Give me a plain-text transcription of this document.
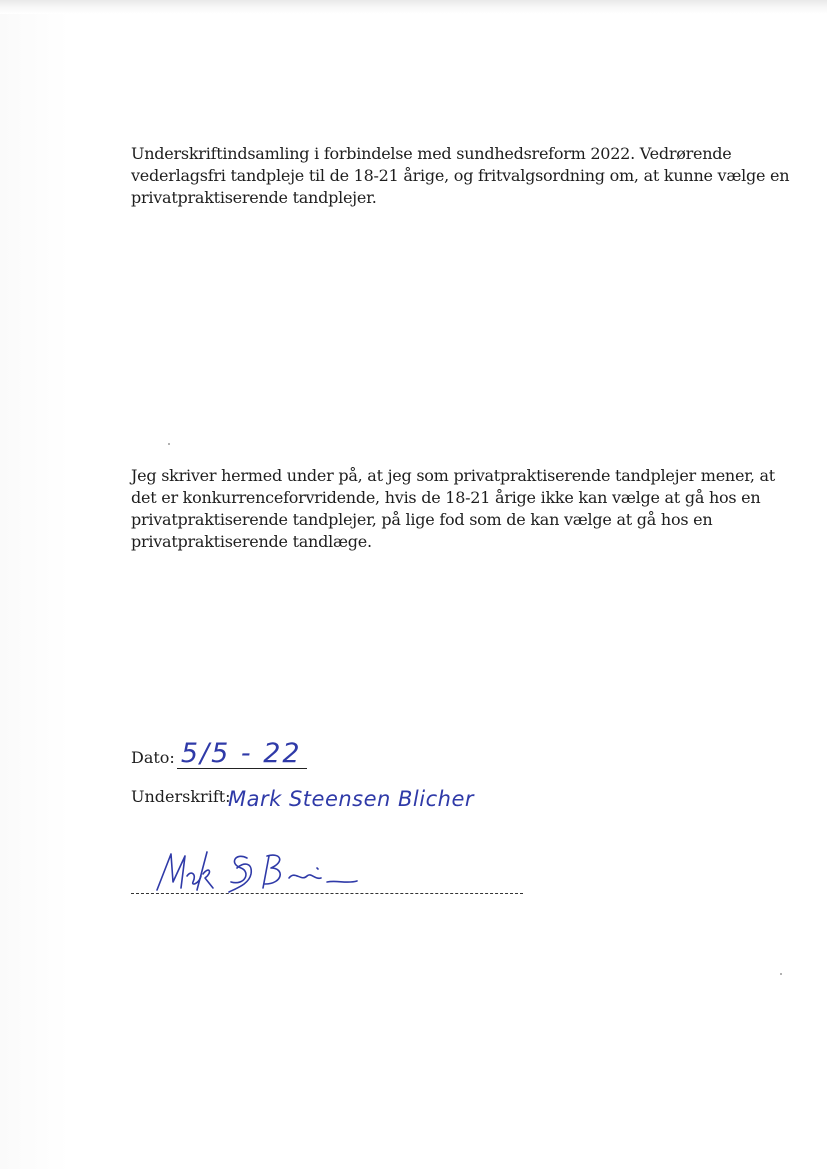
Underskriftindsamling i forbindelse med sundhedsreform 2022. Vedrørende vederlagsfri tandpleje til de 18-21 årige, og fritvalgsordning om, at kunne vælge en privatpraktiserende tandplejer.

Jeg skriver hermed under på, at jeg som privatpraktiserende tandplejer mener, at det er konkurrenceforvridende, hvis de 18-21 årige ikke kan vælge at gå hos en privatpraktiserende tandplejer, på lige fod som de kan vælge at gå hos en privatpraktiserende tandlæge.

Dato: 5/5 - 22
Underskrift:
Mark Steensen Blicher
